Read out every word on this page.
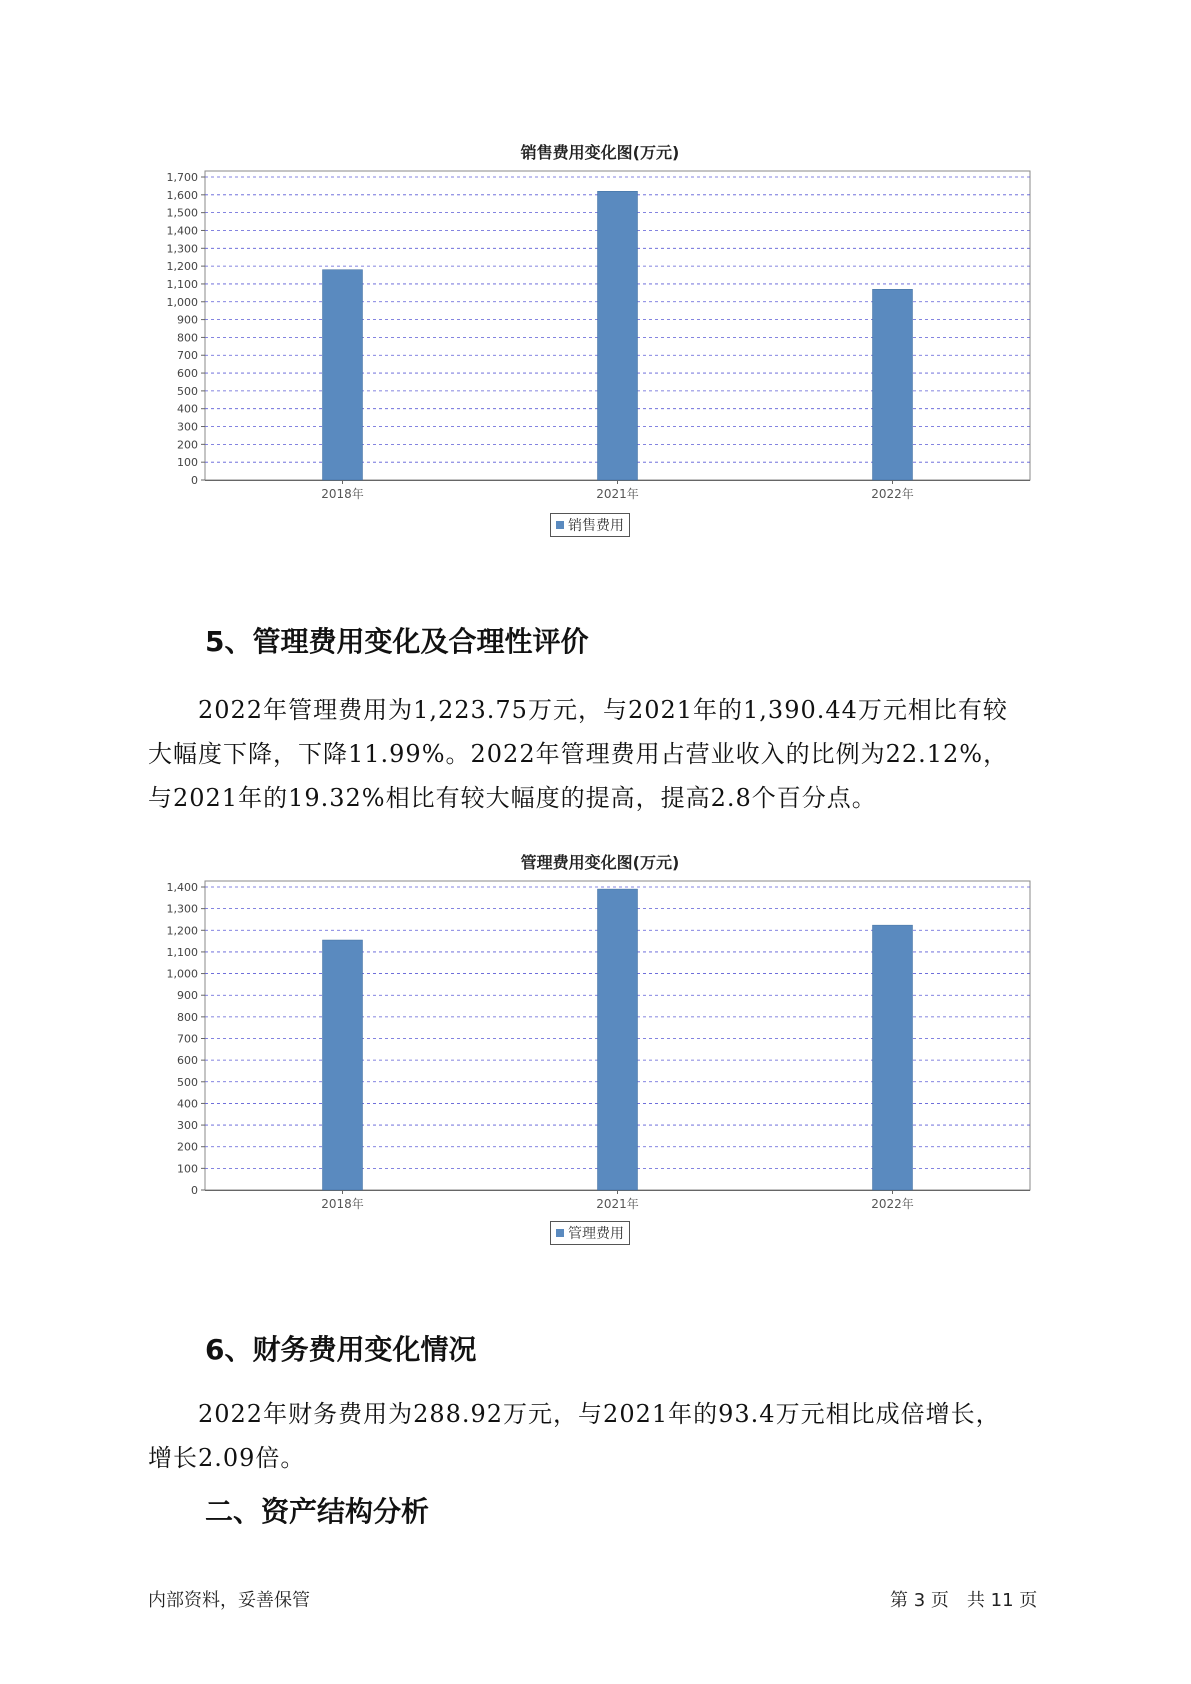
销售费用变化图(万元)
0
100
200
300
400
500
600
700
800
900
1,000
1,100
1,200
1,300
1,400
1,500
1,600
1,700
2018年	2021年	2022年
销售费用
5、管理费用变化及合理性评价
　　2022年管理费用为1,223.75万元，与2021年的1,390.44万元相比有较
大幅度下降，下降11.99%。2022年管理费用占营业收入的比例为22.12%，
与2021年的19.32%相比有较大幅度的提高，提高2.8个百分点。
管理费用变化图(万元)
0
100
200
300
400
500
600
700
800
900
1,000
1,100
1,200
1,300
1,400
2018年	2021年	2022年
管理费用
6、财务费用变化情况
　　2022年财务费用为288.92万元，与2021年的93.4万元相比成倍增长，
增长2.09倍。
二、资产结构分析
内部资料，妥善保管	第 3 页　共 11 页
